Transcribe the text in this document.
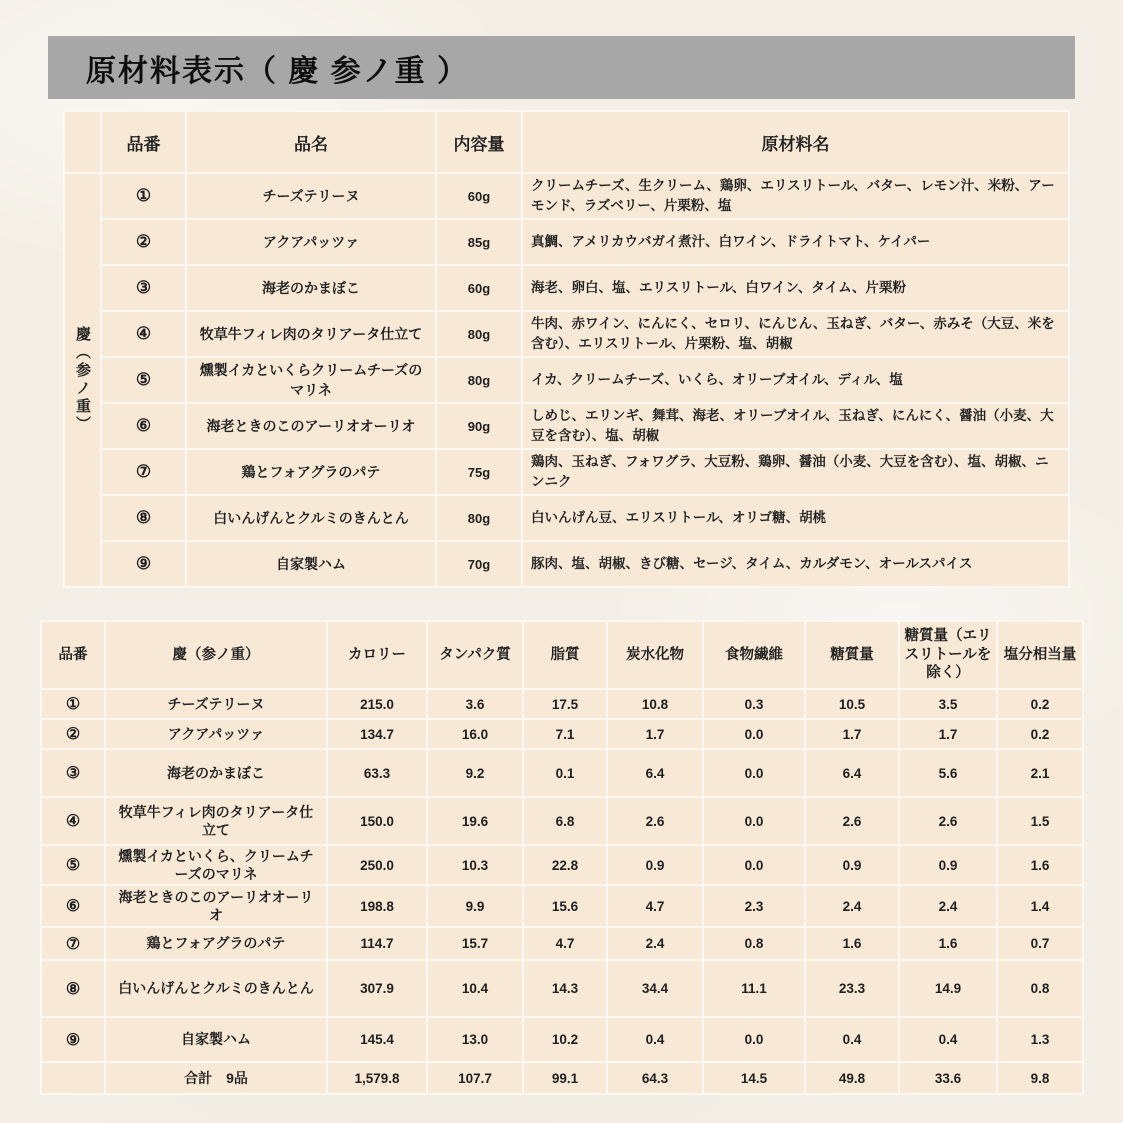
原材料表示（ 慶 参ノ重 ）
	品番	品名	内容量	原材料名
慶（参ノ重）	①	チーズテリーヌ	60g	クリームチーズ、生クリーム、鶏卵、エリスリトール、バター、レモン汁、米粉、アーモンド、ラズベリー、片栗粉、塩
	②	アクアパッツァ	85g	真鯛、アメリカウバガイ煮汁、白ワイン、ドライトマト、ケイパー
	③	海老のかまぼこ	60g	海老、卵白、塩、エリスリトール、白ワイン、タイム、片栗粉
	④	牧草牛フィレ肉のタリアータ仕立て	80g	牛肉、赤ワイン、にんにく、セロリ、にんじん、玉ねぎ、バター、赤みそ（大豆、米を含む）、エリスリトール、片栗粉、塩、胡椒
	⑤	燻製イカといくらクリームチーズのマリネ	80g	イカ、クリームチーズ、いくら、オリーブオイル、ディル、塩
	⑥	海老ときのこのアーリオオーリオ	90g	しめじ、エリンギ、舞茸、海老、オリーブオイル、玉ねぎ、にんにく、醤油（小麦、大豆を含む）、塩、胡椒
	⑦	鶏とフォアグラのパテ	75g	鶏肉、玉ねぎ、フォワグラ、大豆粉、鶏卵、醤油（小麦、大豆を含む）、塩、胡椒、ニンニク
	⑧	白いんげんとクルミのきんとん	80g	白いんげん豆、エリスリトール、オリゴ糖、胡桃
	⑨	自家製ハム	70g	豚肉、塩、胡椒、きび糖、セージ、タイム、カルダモン、オールスパイス
品番	慶（参ノ重）	カロリー	タンパク質	脂質	炭水化物	食物繊維	糖質量	糖質量（エリスリトールを除く）	塩分相当量
①	チーズテリーヌ	215.0	3.6	17.5	10.8	0.3	10.5	3.5	0.2
②	アクアパッツァ	134.7	16.0	7.1	1.7	0.0	1.7	1.7	0.2
③	海老のかまぼこ	63.3	9.2	0.1	6.4	0.0	6.4	5.6	2.1
④	牧草牛フィレ肉のタリアータ仕立て	150.0	19.6	6.8	2.6	0.0	2.6	2.6	1.5
⑤	燻製イカといくら、クリームチーズのマリネ	250.0	10.3	22.8	0.9	0.0	0.9	0.9	1.6
⑥	海老ときのこのアーリオオーリオ	198.8	9.9	15.6	4.7	2.3	2.4	2.4	1.4
⑦	鶏とフォアグラのパテ	114.7	15.7	4.7	2.4	0.8	1.6	1.6	0.7
⑧	白いんげんとクルミのきんとん	307.9	10.4	14.3	34.4	11.1	23.3	14.9	0.8
⑨	自家製ハム	145.4	13.0	10.2	0.4	0.0	0.4	0.4	1.3
	合計　9品	1,579.8	107.7	99.1	64.3	14.5	49.8	33.6	9.8
